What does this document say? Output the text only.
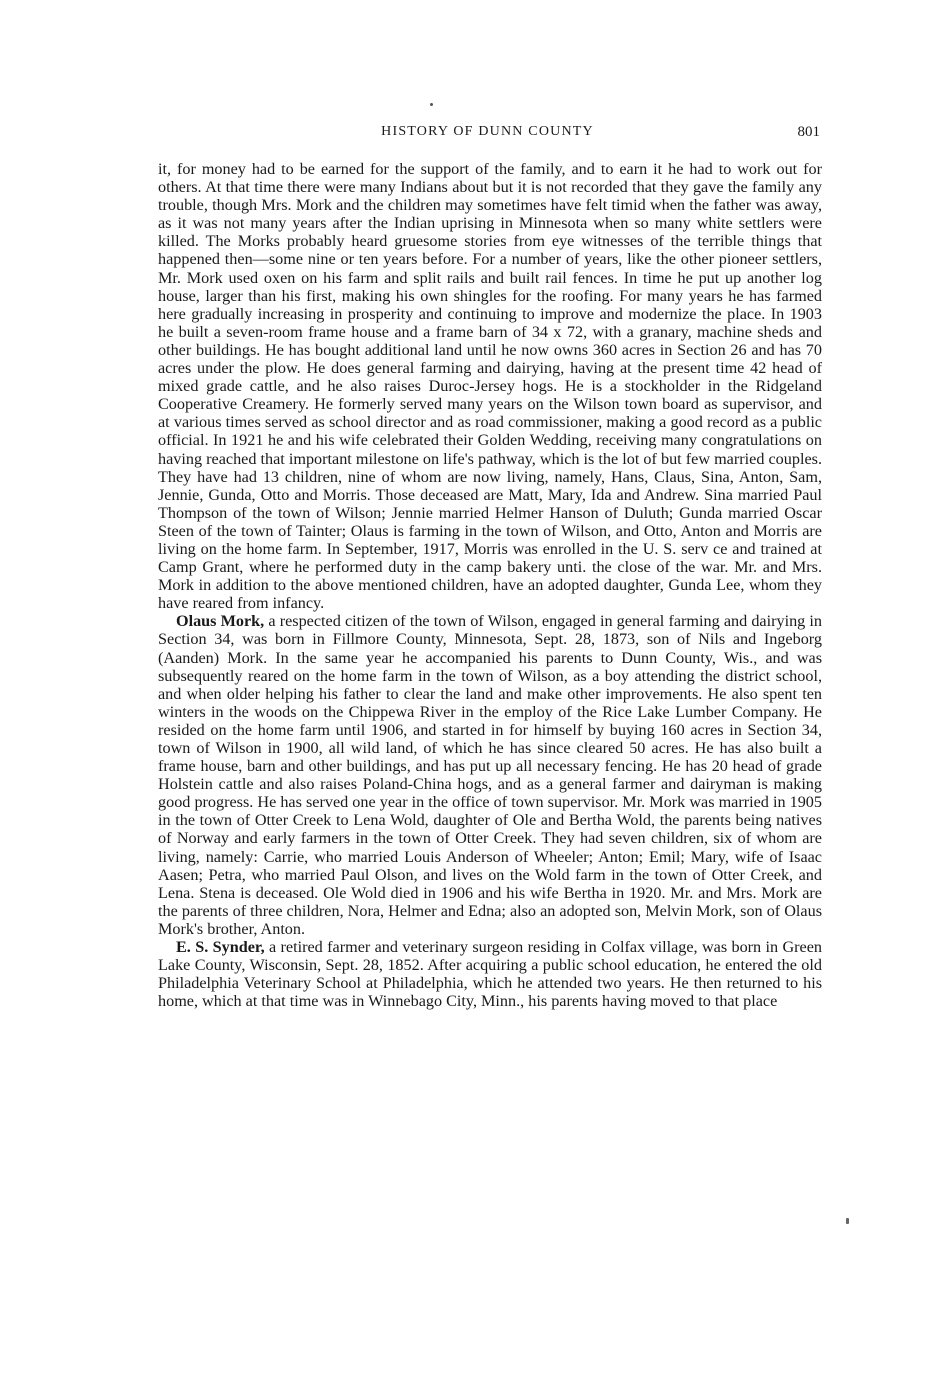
HISTORY OF DUNN COUNTY	801

it, for money had to be earned for the support of the family, and to earn it he had to work out for others. At that time there were many Indians about but it is not recorded that they gave the family any trouble, though Mrs. Mork and the children may sometimes have felt timid when the father was away, as it was not many years after the Indian uprising in Minnesota when so many white settlers were killed. The Morks probably heard gruesome stories from eye witnesses of the terrible things that happened then—some nine or ten years before. For a number of years, like the other pioneer settlers, Mr. Mork used oxen on his farm and split rails and built rail fences. In time he put up another log house, larger than his first, making his own shingles for the roofing. For many years he has farmed here gradually increasing in prosperity and continuing to improve and modernize the place. In 1903 he built a seven-room frame house and a frame barn of 34 x 72, with a granary, machine sheds and other buildings. He has bought additional land until he now owns 360 acres in Section 26 and has 70 acres under the plow. He does general farming and dairying, having at the present time 42 head of mixed grade cattle, and he also raises Duroc-Jersey hogs. He is a stockholder in the Ridgeland Cooperative Creamery. He formerly served many years on the Wilson town board as supervisor, and at various times served as school director and as road commissioner, making a good record as a public official. In 1921 he and his wife celebrated their Golden Wedding, receiving many congratulations on having reached that important milestone on life's pathway, which is the lot of but few married couples. They have had 13 children, nine of whom are now living, namely, Hans, Claus, Sina, Anton, Sam, Jennie, Gunda, Otto and Morris. Those deceased are Matt, Mary, Ida and Andrew. Sina married Paul Thompson of the town of Wilson; Jennie married Helmer Hanson of Duluth; Gunda married Oscar Steen of the town of Tainter; Olaus is farming in the town of Wilson, and Otto, Anton and Morris are living on the home farm. In September, 1917, Morris was enrolled in the U. S. serv ce and trained at Camp Grant, where he performed duty in the camp bakery unti. the close of the war. Mr. and Mrs. Mork in addition to the above mentioned children, have an adopted daughter, Gunda Lee, whom they have reared from infancy.

Olaus Mork, a respected citizen of the town of Wilson, engaged in general farming and dairying in Section 34, was born in Fillmore County, Minnesota, Sept. 28, 1873, son of Nils and Ingeborg (Aanden) Mork. In the same year he accompanied his parents to Dunn County, Wis., and was subsequently reared on the home farm in the town of Wilson, as a boy attending the district school, and when older helping his father to clear the land and make other improvements. He also spent ten winters in the woods on the Chippewa River in the employ of the Rice Lake Lumber Company. He resided on the home farm until 1906, and started in for himself by buying 160 acres in Section 34, town of Wilson in 1900, all wild land, of which he has since cleared 50 acres. He has also built a frame house, barn and other buildings, and has put up all necessary fencing. He has 20 head of grade Holstein cattle and also raises Poland-China hogs, and as a general farmer and dairyman is making good progress. He has served one year in the office of town supervisor. Mr. Mork was married in 1905 in the town of Otter Creek to Lena Wold, daughter of Ole and Bertha Wold, the parents being natives of Norway and early farmers in the town of Otter Creek. They had seven children, six of whom are living, namely: Carrie, who married Louis Anderson of Wheeler; Anton; Emil; Mary, wife of Isaac Aasen; Petra, who married Paul Olson, and lives on the Wold farm in the town of Otter Creek, and Lena. Stena is deceased. Ole Wold died in 1906 and his wife Bertha in 1920. Mr. and Mrs. Mork are the parents of three children, Nora, Helmer and Edna; also an adopted son, Melvin Mork, son of Olaus Mork's brother, Anton.

E. S. Synder, a retired farmer and veterinary surgeon residing in Colfax village, was born in Green Lake County, Wisconsin, Sept. 28, 1852. After acquiring a public school education, he entered the old Philadelphia Veterinary School at Philadelphia, which he attended two years. He then returned to his home, which at that time was in Winnebago City, Minn., his parents having moved to that place
